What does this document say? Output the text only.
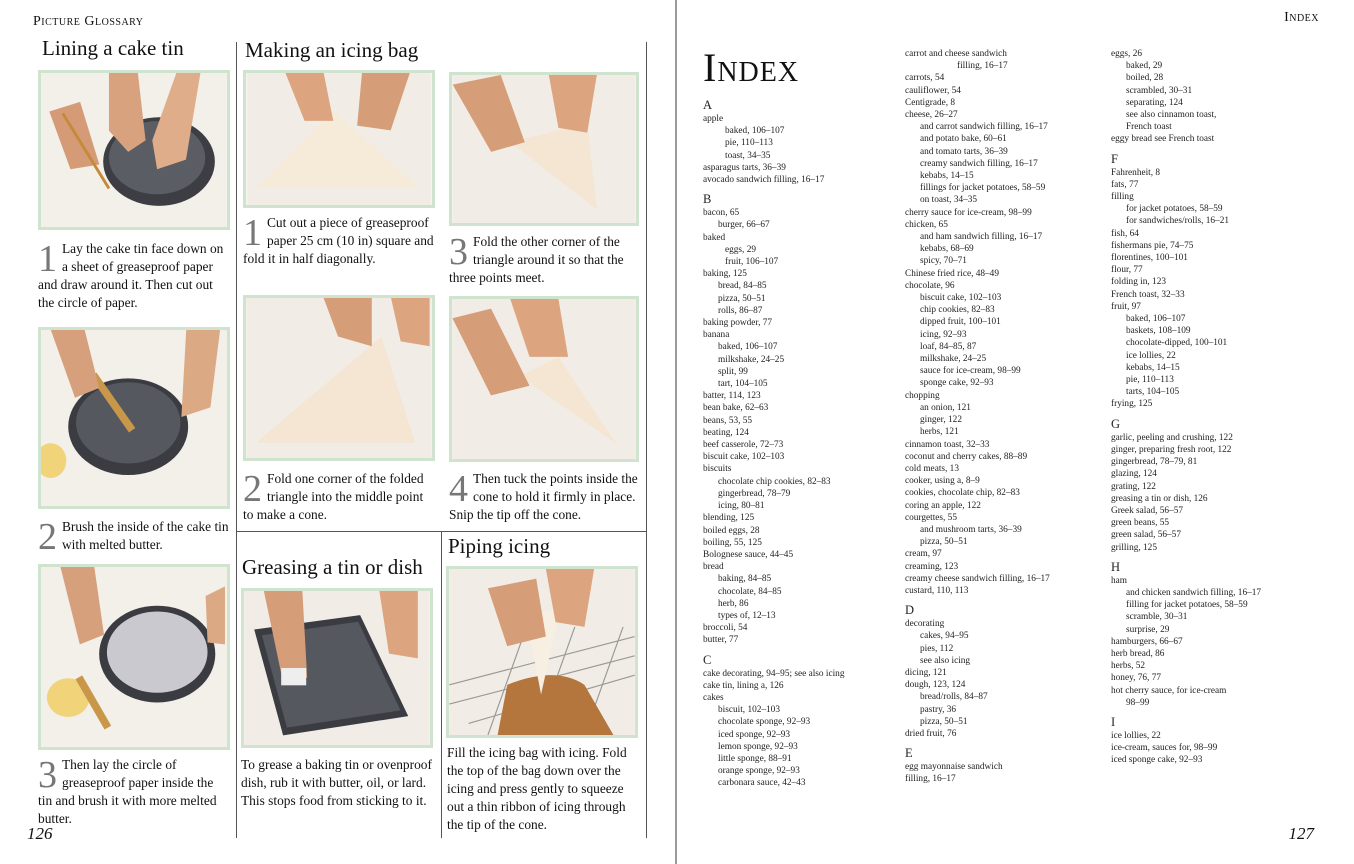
Picture Glossary
Lining a cake tin
1 Lay the cake tin face down on a sheet of greaseproof paper and draw around it. Then cut out the circle of paper.
2 Brush the inside of the cake tin with melted butter.
3 Then lay the circle of greaseproof paper inside the tin and brush it with more melted butter.
Making an icing bag
1 Cut out a piece of greaseproof paper 25 cm (10 in) square and fold it in half diagonally.
2 Fold one corner of the folded triangle into the middle point to make a cone.
3 Fold the other corner of the triangle around it so that the three points meet.
4 Then tuck the points inside the cone to hold it firmly in place. Snip the tip off the cone.
Greasing a tin or dish
To grease a baking tin or ovenproof dish, rub it with butter, oil, or lard. This stops food from sticking to it.
Piping icing
Fill the icing bag with icing. Fold the top of the bag down over the icing and press gently to squeeze out a thin ribbon of icing through the tip of the cone.
126
Index
Index
A
apple
baked, 106–107
pie, 110–113
toast, 34–35
asparagus tarts, 36–39
avocado sandwich filling, 16–17
B
bacon, 65
burger, 66–67
baked
eggs, 29
fruit, 106–107
baking, 125
bread, 84–85
pizza, 50–51
rolls, 86–87
baking powder, 77
banana
baked, 106–107
milkshake, 24–25
split, 99
tart, 104–105
batter, 114, 123
bean bake, 62–63
beans, 53, 55
beating, 124
beef casserole, 72–73
biscuit cake, 102–103
biscuits
chocolate chip cookies, 82–83
gingerbread, 78–79
icing, 80–81
blending, 125
boiled eggs, 28
boiling, 55, 125
Bolognese sauce, 44–45
bread
baking, 84–85
chocolate, 84–85
herb, 86
types of, 12–13
broccoli, 54
butter, 77
C
cake decorating, 94–95; see also icing
cake tin, lining a, 126
cakes
biscuit, 102–103
chocolate sponge, 92–93
iced sponge, 92–93
lemon sponge, 92–93
little sponge, 88–91
orange sponge, 92–93
carbonara sauce, 42–43
carrot and cheese sandwich
filling, 16–17
carrots, 54
cauliflower, 54
Centigrade, 8
cheese, 26–27
and carrot sandwich filling, 16–17
and potato bake, 60–61
and tomato tarts, 36–39
creamy sandwich filling, 16–17
kebabs, 14–15
fillings for jacket potatoes, 58–59
on toast, 34–35
cherry sauce for ice-cream, 98–99
chicken, 65
and ham sandwich filling, 16–17
kebabs, 68–69
spicy, 70–71
Chinese fried rice, 48–49
chocolate, 96
biscuit cake, 102–103
chip cookies, 82–83
dipped fruit, 100–101
icing, 92–93
loaf, 84–85, 87
milkshake, 24–25
sauce for ice-cream, 98–99
sponge cake, 92–93
chopping
an onion, 121
ginger, 122
herbs, 121
cinnamon toast, 32–33
coconut and cherry cakes, 88–89
cold meats, 13
cooker, using a, 8–9
cookies, chocolate chip, 82–83
coring an apple, 122
courgettes, 55
and mushroom tarts, 36–39
pizza, 50–51
cream, 97
creaming, 123
creamy cheese sandwich filling, 16–17
custard, 110, 113
D
decorating
cakes, 94–95
pies, 112
see also icing
dicing, 121
dough, 123, 124
bread/rolls, 84–87
pastry, 36
pizza, 50–51
dried fruit, 76
E
egg mayonnaise sandwich
filling, 16–17
eggs, 26
baked, 29
boiled, 28
scrambled, 30–31
separating, 124
see also cinnamon toast,
French toast
eggy bread see French toast
F
Fahrenheit, 8
fats, 77
filling
for jacket potatoes, 58–59
for sandwiches/rolls, 16–21
fish, 64
fishermans pie, 74–75
florentines, 100–101
flour, 77
folding in, 123
French toast, 32–33
fruit, 97
baked, 106–107
baskets, 108–109
chocolate-dipped, 100–101
ice lollies, 22
kebabs, 14–15
pie, 110–113
tarts, 104–105
frying, 125
G
garlic, peeling and crushing, 122
ginger, preparing fresh root, 122
gingerbread, 78–79, 81
glazing, 124
grating, 122
greasing a tin or dish, 126
Greek salad, 56–57
green beans, 55
green salad, 56–57
grilling, 125
H
ham
and chicken sandwich filling, 16–17
filling for jacket potatoes, 58–59
scramble, 30–31
surprise, 29
hamburgers, 66–67
herb bread, 86
herbs, 52
honey, 76, 77
hot cherry sauce, for ice-cream
98–99
I
ice lollies, 22
ice-cream, sauces for, 98–99
iced sponge cake, 92–93
127
